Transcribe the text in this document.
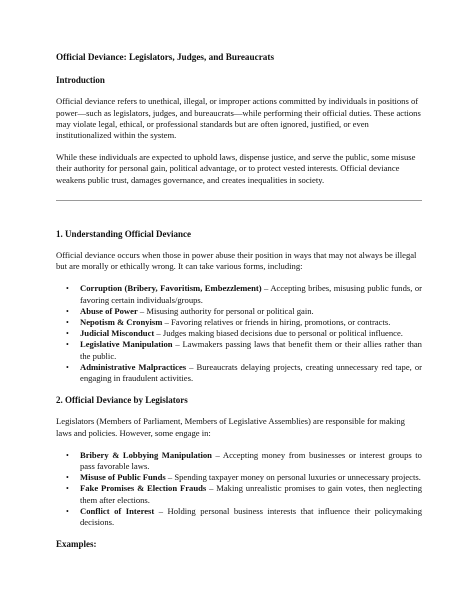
Official Deviance: Legislators, Judges, and Bureaucrats
Introduction

Official deviance refers to unethical, illegal, or improper actions committed by individuals in positions of power—such as legislators, judges, and bureaucrats—while performing their official duties. These actions may violate legal, ethical, or professional standards but are often ignored, justified, or even institutionalized within the system.

While these individuals are expected to uphold laws, dispense justice, and serve the public, some misuse their authority for personal gain, political advantage, or to protect vested interests. Official deviance weakens public trust, damages governance, and creates inequalities in society.

1. Understanding Official Deviance

Official deviance occurs when those in power abuse their position in ways that may not always be illegal but are morally or ethically wrong. It can take various forms, including:

• Corruption (Bribery, Favoritism, Embezzlement) – Accepting bribes, misusing public funds, or favoring certain individuals/groups.
• Abuse of Power – Misusing authority for personal or political gain.
• Nepotism & Cronyism – Favoring relatives or friends in hiring, promotions, or contracts.
• Judicial Misconduct – Judges making biased decisions due to personal or political influence.
• Legislative Manipulation – Lawmakers passing laws that benefit them or their allies rather than the public.
• Administrative Malpractices – Bureaucrats delaying projects, creating unnecessary red tape, or engaging in fraudulent activities.
2. Official Deviance by Legislators

Legislators (Members of Parliament, Members of Legislative Assemblies) are responsible for making laws and policies. However, some engage in:

• Bribery & Lobbying Manipulation – Accepting money from businesses or interest groups to pass favorable laws.
• Misuse of Public Funds – Spending taxpayer money on personal luxuries or unnecessary projects.
• Fake Promises & Election Frauds – Making unrealistic promises to gain votes, then neglecting them after elections.
• Conflict of Interest – Holding personal business interests that influence their policymaking decisions.
Examples:
